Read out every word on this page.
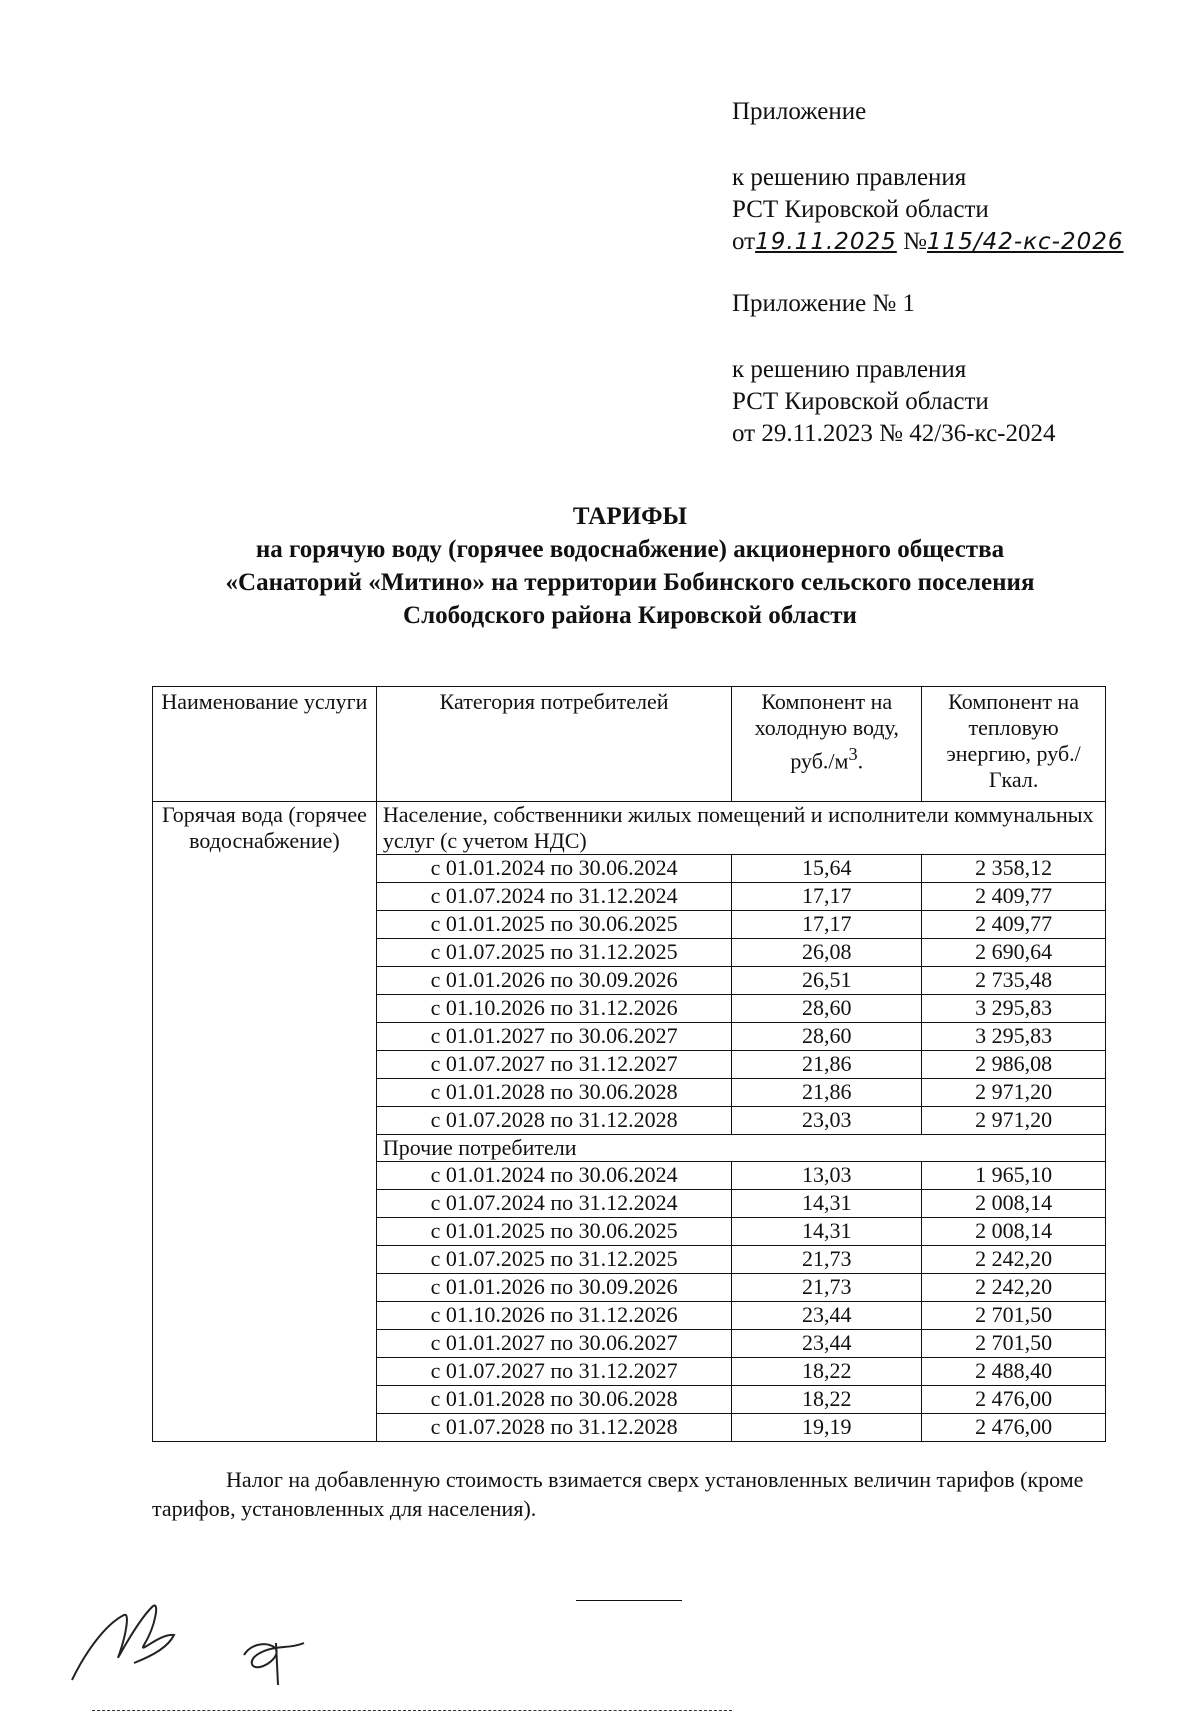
Приложение
к решению правления
РСТ Кировской области
от19.11.2025 №115/42-кс-2026
Приложение № 1
к решению правления
РСТ Кировской области
от 29.11.2023 № 42/36-кс-2024
ТАРИФЫ
на горячую воду (горячее водоснабжение) акционерного общества
«Санаторий «Митино» на территории Бобинского сельского поселения
Слободского района Кировской области
Наименование услуги	Категория потребителей	Компонент на холодную воду, $руб./м^3$.	Компонент на тепловую энергию, руб./Гкал.
Горячая вода (горячее водоснабжение)	Население, собственники жилых помещений и исполнители коммунальных услуг (с учетом НДС)		
	с 01.01.2024 по 30.06.2024	15,64	2 358,12
	с 01.07.2024 по 31.12.2024	17,17	2 409,77
	с 01.01.2025 по 30.06.2025	17,17	2 409,77
	с 01.07.2025 по 31.12.2025	26,08	2 690,64
	с 01.01.2026 по 30.09.2026	26,51	2 735,48
	с 01.10.2026 по 31.12.2026	28,60	3 295,83
	с 01.01.2027 по 30.06.2027	28,60	3 295,83
	с 01.07.2027 по 31.12.2027	21,86	2 986,08
	с 01.01.2028 по 30.06.2028	21,86	2 971,20
	с 01.07.2028 по 31.12.2028	23,03	2 971,20
	Прочие потребители		
	с 01.01.2024 по 30.06.2024	13,03	1 965,10
	с 01.07.2024 по 31.12.2024	14,31	2 008,14
	с 01.01.2025 по 30.06.2025	14,31	2 008,14
	с 01.07.2025 по 31.12.2025	21,73	2 242,20
	с 01.01.2026 по 30.09.2026	21,73	2 242,20
	с 01.10.2026 по 31.12.2026	23,44	2 701,50
	с 01.01.2027 по 30.06.2027	23,44	2 701,50
	с 01.07.2027 по 31.12.2027	18,22	2 488,40
	с 01.01.2028 по 30.06.2028	18,22	2 476,00
	с 01.07.2028 по 31.12.2028	19,19	2 476,00
Налог на добавленную стоимость взимается сверх установленных величин тарифов (кроме тарифов, установленных для населения).
